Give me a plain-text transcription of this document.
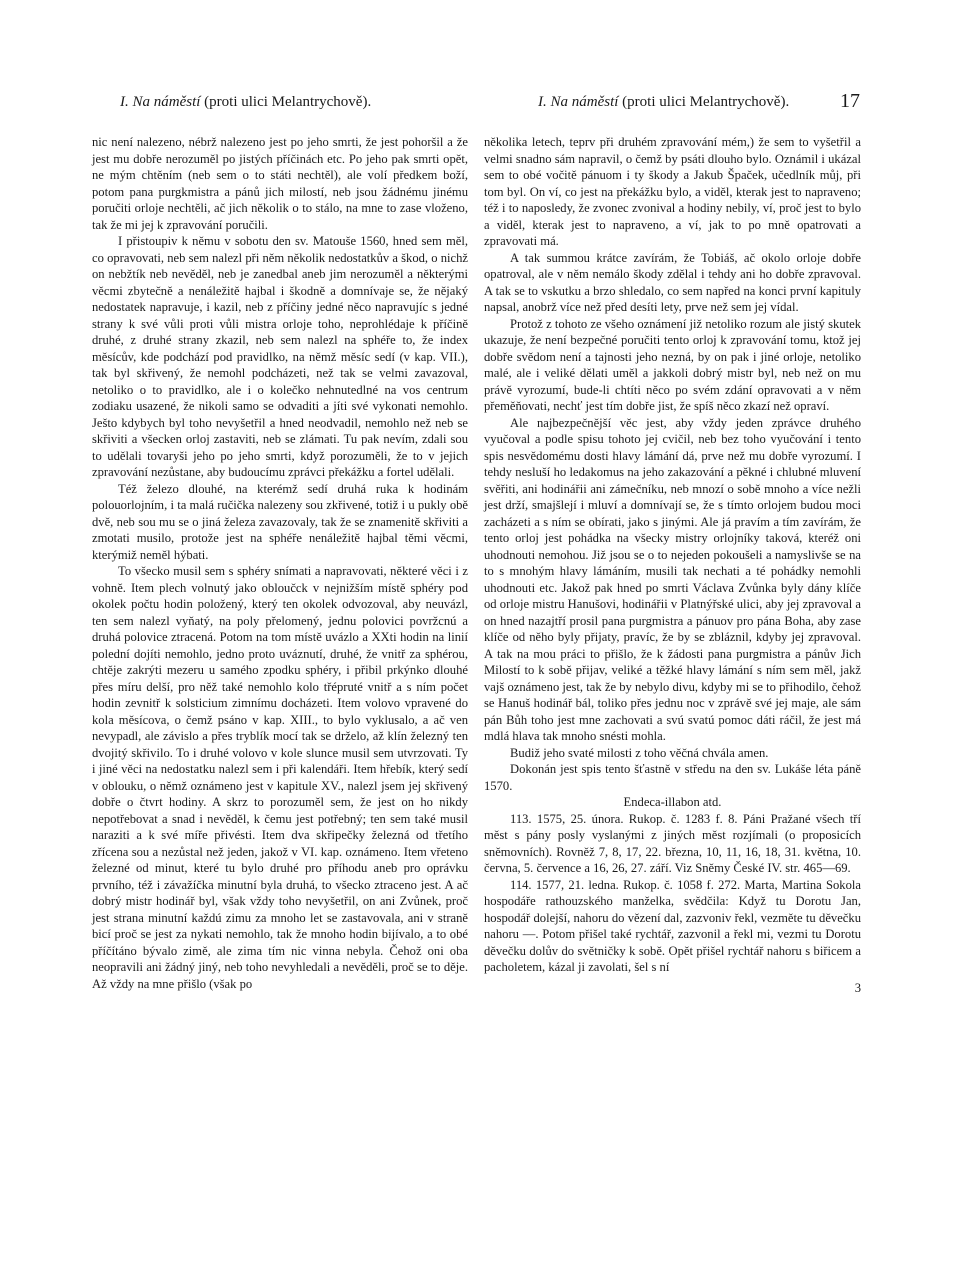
I. Na náměstí (proti ulici Melantrychově).	I. Na náměstí (proti ulici Melantrychově).	17

nic není nalezeno, nébrž nalezeno jest po jeho smrti, že jest pohoršil a že jest mu dobře nerozuměl po jistých příčinách etc. Po jeho pak smrti opět, ne mým chtěním (neb sem o to státi nechtěl), ale volí předkem boží, potom pana purgkmistra a pánů jich milostí, neb jsou žádnému jinému poručiti orloje nechtěli, ač jich několik o to stálo, na mne to zase vloženo, tak že mi jej k zpravování poručili.

I přistoupiv k němu v sobotu den sv. Matouše 1560, hned sem měl, co opravovati, neb sem nalezl při něm několik nedostatkův a škod, o nichž on nebžtík neb nevěděl, neb je zanedbal aneb jim nerozuměl a některými věcmi zbytečně a nenáležitě hajbal i škodně a domnívaje se, že nějaký nedostatek napravuje, i kazil, neb z příčiny jedné něco napravujíc s jedné strany k své vůli proti vůli mistra orloje toho, neprohlédaje k příčině druhé, z druhé strany zkazil, neb sem nalezl na sphéře to, že index měsícův, kde podchází pod pravidlko, na němž měsíc sedí (v kap. VII.), tak byl skřivený, že nemohl podcházeti, než tak se velmi zavazoval, netoliko o to pravidlko, ale i o kolečko nehnutedlné na vos centrum zodiaku usazené, že nikoli samo se odvaditi a jíti své vykonati nemohlo. Ješto kdybych byl toho nevyšetřil a hned neodvadil, nemohlo než neb se skřiviti a všecken orloj zastaviti, neb se zlámati. Tu pak nevím, zdali sou to udělali tovaryši jeho po jeho smrti, když porozuměli, že to v jejich zpravování nezůstane, aby budoucímu zprávci překážku a fortel udělali.

Též železo dlouhé, na kterémž sedí druhá ruka k hodinám polouorlojním, i ta malá ručička nalezeny sou zkřivené, totiž i u pukly obě dvě, neb sou mu se o jiná železa zavazovaly, tak že se znamenitě skřiviti a zmotati musilo, protože jest na sphéře nenáležitě hajbal těmi věcmi, kterýmiž neměl hýbati.

To všecko musil sem s sphéry snímati a napravovati, některé věci i z vohně. Item plech volnutý jako obloučck v nejnižším místě sphéry pod okolek počtu hodin položený, který ten okolek odvozoval, aby neuvázl, ten sem nalezl vyňatý, na poly přelomený, jednu polovici povržcnú a druhá polovice ztracená. Potom na tom místě uvázlo a XXti hodin na linií polední dojíti nemohlo, jedno proto uváznutí, druhé, že vnitř za sphérou, chtěje zakrýti mezeru u samého zpodku sphéry, i přibil prkýnko dlouhé přes míru delší, pro něž také nemohlo kolo třépruté vnitř a s ním počet hodin zevnitř k solsticium zimnímu docházeti. Item volovo vpravené do kola měsícova, o čemž psáno v kap. XIII., to bylo vyklusalo, a ač ven nevypadl, ale závislo a přes tryblík mocí tak se drželo, až klín železný ten dvojitý skřivilo. To i druhé volovo v kole slunce musil sem utvrzovati. Ty i jiné věci na nedostatku nalezl sem i při kalendáři. Item hřebík, který sedí v oblouku, o němž oznámeno jest v kapitule XV., nalezl jsem jej skřivený dobře o čtvrt hodiny. A skrz to porozuměl sem, že jest on ho nikdy nepotřebovat a snad i nevěděl, k čemu jest potřebný; ten sem také musil naraziti a k své míře přivésti. Item dva skřipečky železná od třetího zřícena sou a nezůstal než jeden, jakož v VI. kap. oznámeno. Item vřeteno železné od minut, které tu bylo druhé pro příhodu aneb pro oprávku prvního, též i závažíčka minutní byla druhá, to všecko ztraceno jest. A ač dobrý mistr hodinář byl, však vždy toho nevyšetřil, on ani Zvůnek, proč jest strana minutní každú zimu za mnoho let se zastavovala, ani v straně bicí proč se jest za nykati nemohlo, tak že mnoho hodin bijívalo, a to obé příčítáno bývalo zimě, ale zima tím nic vinna nebyla. Čehož oni oba neopravili ani žádný jiný, neb toho nevyhledali a nevěděli, proč se to děje. Až vždy na mne přišlo (však po

několika letech, teprv při druhém zpravování mém,) že sem to vyšetřil a velmi snadno sám napravil, o čemž by psáti dlouho bylo. Oznámil i ukázal sem to obé vočitě pánuom i ty škody a Jakub Špaček, učedlník můj, při tom byl. On ví, co jest na překážku bylo, a viděl, kterak jest to napraveno; též i to naposledy, že zvonec zvonival a hodiny nebily, ví, proč jest to bylo a viděl, kterak jest to napraveno, a ví, jak to po mně opatrovati a zpravovati má.

A tak summou krátce zavírám, že Tobiáš, ač okolo orloje dobře opatroval, ale v něm nemálo škody zdělal i tehdy ani ho dobře zpravoval. A tak se to vskutku a brzo shledalo, co sem napřed na konci první kapituly napsal, anobrž více než před desíti lety, prve než sem jej vídal.

Protož z tohoto ze všeho oznámení již netoliko rozum ale jistý skutek ukazuje, že není bezpečné poručiti tento orloj k zpravování tomu, ktož jej dobře svědom není a tajnosti jeho nezná, by on pak i jiné orloje, netoliko malé, ale i veliké dělati uměl a jakkoli dobrý mistr byl, neb než on mu právě vyrozumí, bude-li chtíti něco po svém zdání opravovati a v něm přeměňovati, nechť jest tím dobře jist, že spíš něco zkazí než opraví.

Ale najbezpečnější věc jest, aby vždy jeden zprávce druhého vyučoval a podle spisu tohoto jej cvičil, neb bez toho vyučování i tento spis nesvědomému dosti hlavy lámání dá, prve než mu dobře vyrozumí. I tehdy nesluší ho ledakomus na jeho zakazování a pěkné i chlubné mluvení svěřiti, ani hodinářii ani zámečníku, neb mnozí o sobě mnoho a více nežli jest drží, smajšlejí i mluví a domnívají se, že s tímto orlojem budou moci zacházeti a s ním se obírati, jako s jinými. Ale já pravím a tím zavírám, že tento orloj jest pohádka na všecky mistry orlojníky taková, kteréž oni uhodnouti nemohou. Již jsou se o to nejeden pokoušeli a namyslivše se na to s mnohým hlavy lámáním, musili tak nechati a té pohádky nemohli uhodnouti etc. Jakož pak hned po smrti Václava Zvůnka byly dány klíče od orloje mistru Hanušovi, hodinářii v Platnýřské ulici, aby jej zpravoval a on hned nazajtří prosil pana purgmistra a pánuov pro pána Boha, aby zase klíče od něho byly přijaty, pravíc, že by se zbláznil, kdyby jej zpravoval. A tak na mou práci to přišlo, že k žádosti pana purgmistra a pánův Jich Milostí to k sobě přijav, veliké a těžké hlavy lámání s ním sem měl, jakž vajš oznámeno jest, tak že by nebylo divu, kdyby mi se to přihodilo, čehož se Hanuš hodinář bál, toliko přes jednu noc v zprávě své jej maje, ale sám pán Bůh toho jest mne zachovati a svú svatú pomoc dáti ráčil, že jest má mdlá hlava tak mnoho snésti mohla.

Budiž jeho svaté milosti z toho věčná chvála amen.

Dokonán jest spis tento šťastně v středu na den sv. Lukáše léta páně 1570.

Endeca-illabon atd.

113. 1575, 25. února. Rukop. č. 1283 f. 8. Páni Pražané všech tří měst s pány posly vyslanými z jiných měst rozjímali (o proposicích sněmovních). Rovněž 7, 8, 17, 22. března, 10, 11, 16, 18, 31. května, 10. června, 5. července a 16, 26, 27. září. Viz Sněmy České IV. str. 465—69.

114. 1577, 21. ledna. Rukop. č. 1058 f. 272. Marta, Martina Sokola hospodáře rathouzského manželka, svědčila: Když tu Dorotu Jan, hospodář dolejší, nahoru do vězení dal, zazvoniv řekl, vezměte tu děvečku nahoru —. Potom přišel také rychtář, zazvonil a řekl mi, vezmi tu Dorotu děvečku dolův do světničky k sobě. Opět přišel rychtář nahoru s biřicem a pacholetem, kázal ji zavolati, šel s ní

3
